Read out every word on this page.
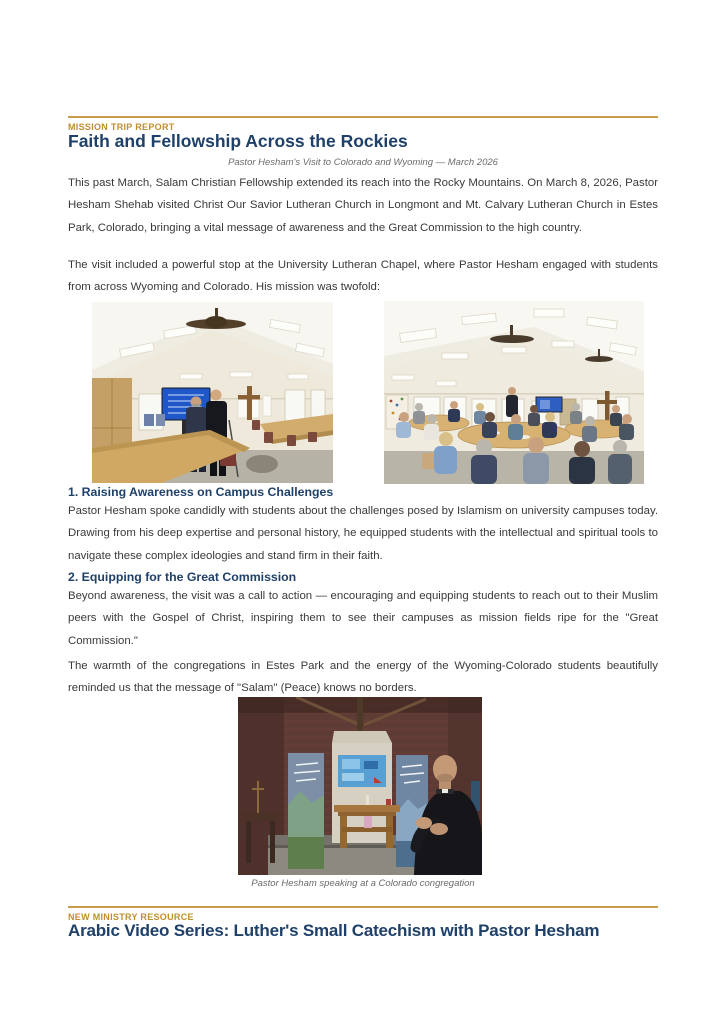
MISSION TRIP REPORT
Faith and Fellowship Across the Rockies
Pastor Hesham's Visit to Colorado and Wyoming — March 2026

This past March, Salam Christian Fellowship extended its reach into the Rocky Mountains. On March 8, 2026, Pastor Hesham Shehab visited Christ Our Savior Lutheran Church in Longmont and Mt. Calvary Lutheran Church in Estes Park, Colorado, bringing a vital message of awareness and the Great Commission to the high country.

The visit included a powerful stop at the University Lutheran Chapel, where Pastor Hesham engaged with students from across Wyoming and Colorado. His mission was twofold:

1. Raising Awareness on Campus Challenges

Pastor Hesham spoke candidly with students about the challenges posed by Islamism on university campuses today. Drawing from his deep expertise and personal history, he equipped students with the intellectual and spiritual tools to navigate these complex ideologies and stand firm in their faith.

2. Equipping for the Great Commission

Beyond awareness, the visit was a call to action — encouraging and equipping students to reach out to their Muslim peers with the Gospel of Christ, inspiring them to see their campuses as mission fields ripe for the "Great Commission."

The warmth of the congregations in Estes Park and the energy of the Wyoming-Colorado students beautifully reminded us that the message of "Salam" (Peace) knows no borders.

Pastor Hesham speaking at a Colorado congregation
NEW MINISTRY RESOURCE
Arabic Video Series: Luther's Small Catechism with Pastor Hesham
